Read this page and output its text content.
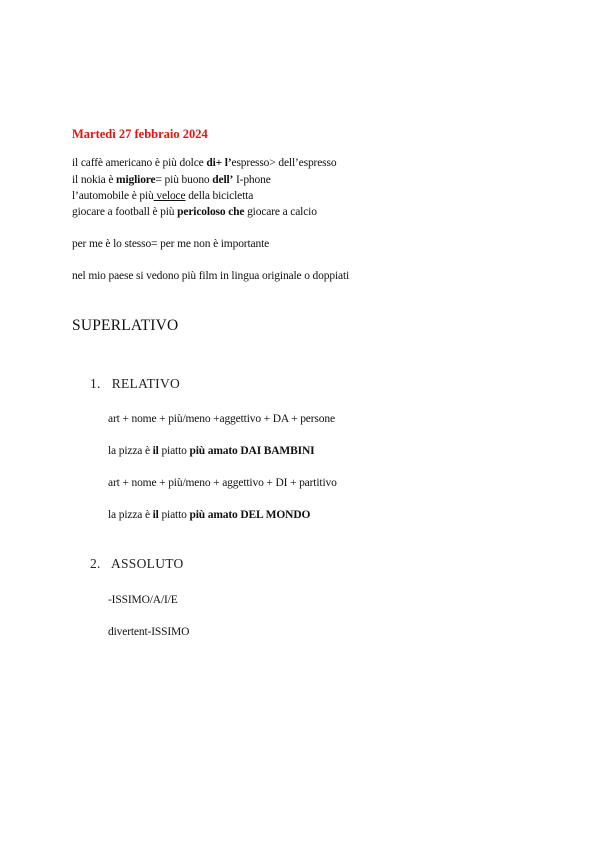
Martedì 27 febbraio 2024
il caffè americano è più dolce di+ l’espresso> dell’espresso
il nokia è migliore= più buono dell’ I-phone
l’automobile è più veloce della bicicletta
giocare a football è più pericoloso che giocare a calcio
per me è lo stesso= per me non è importante
nel mio paese si vedono più film in lingua originale o doppiati
SUPERLATIVO
1. RELATIVO
art + nome + più/meno +aggettivo + DA + persone
la pizza è il piatto più amato DAI BAMBINI
art + nome + più/meno + aggettivo + DI + partitivo
la pizza è il piatto più amato DEL MONDO
2. ASSOLUTO
-ISSIMO/A/I/E
divertent-ISSIMO
